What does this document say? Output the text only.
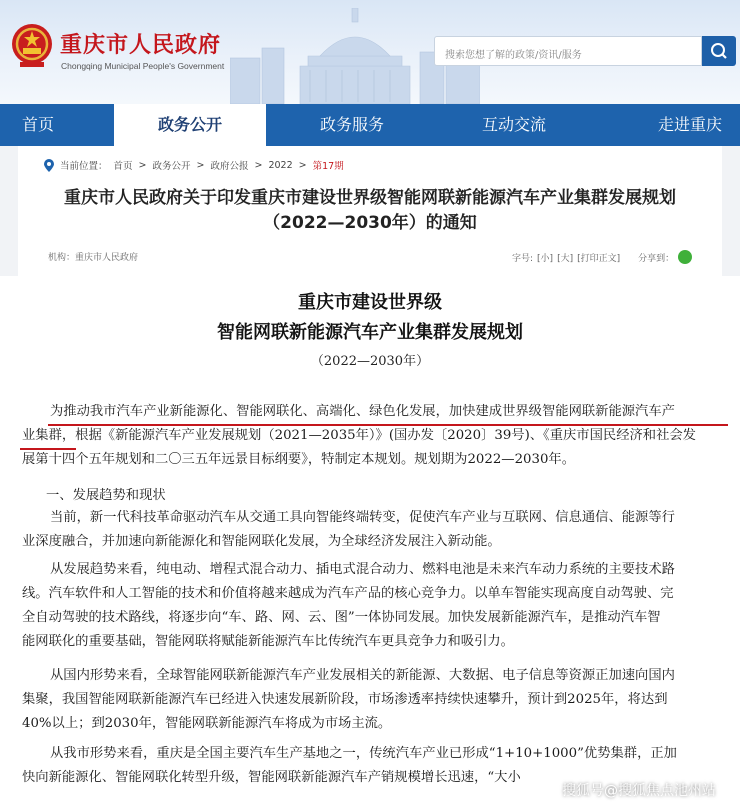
重庆市人民政府
Chongqing Municipal People's Government
搜索您想了解的政策/资讯/服务
首页	政务公开	政务服务	互动交流	走进重庆
当前位置： 首页 > 政务公开 > 政府公报 > 2022 > 第17期
重庆市人民政府关于印发重庆市建设世界级智能网联新能源汽车产业集群发展规划
（2022—2030年）的通知
机构：重庆市人民政府	字号: [小] [大] [打印正文] 分享到：
重庆市建设世界级
智能网联新能源汽车产业集群发展规划
（2022—2030年）
为推动我市汽车产业新能源化、智能网联化、高端化、绿色化发展，加快建成世界级智能网联新能源汽车产
业集群，根据《新能源汽车产业发展规划（2021—2035年）》(国办发〔2020〕39号)、《重庆市国民经济和社会发
展第十四个五年规划和二〇三五年远景目标纲要》，特制定本规划。规划期为2022—2030年。
一、发展趋势和现状
当前，新一代科技革命驱动汽车从交通工具向智能终端转变，促使汽车产业与互联网、信息通信、能源等行
业深度融合，并加速向新能源化和智能网联化发展，为全球经济发展注入新动能。
从发展趋势来看，纯电动、增程式混合动力、插电式混合动力、燃料电池是未来汽车动力系统的主要技术路
线。汽车软件和人工智能的技术和价值将越来越成为汽车产品的核心竞争力。以单车智能实现高度自动驾驶、完
全自动驾驶的技术路线，将逐步向“车、路、网、云、图”一体协同发展。加快发展新能源汽车，是推动汽车智
能网联化的重要基础，智能网联将赋能新能源汽车比传统汽车更具竞争力和吸引力。
从国内形势来看，全球智能网联新能源汽车产业发展相关的新能源、大数据、电子信息等资源正加速向国内
集聚，我国智能网联新能源汽车已经进入快速发展新阶段，市场渗透率持续快速攀升，预计到2025年，将达到
40%以上；到2030年，智能网联新能源汽车将成为市场主流。
从我市形势来看，重庆是全国主要汽车生产基地之一，传统汽车产业已形成“1+10+1000”优势集群，正加
快向新能源化、智能网联化转型升级，智能网联新能源汽车产销规模增长迅速，“大小
搜狐号@搜狐焦点池州站
